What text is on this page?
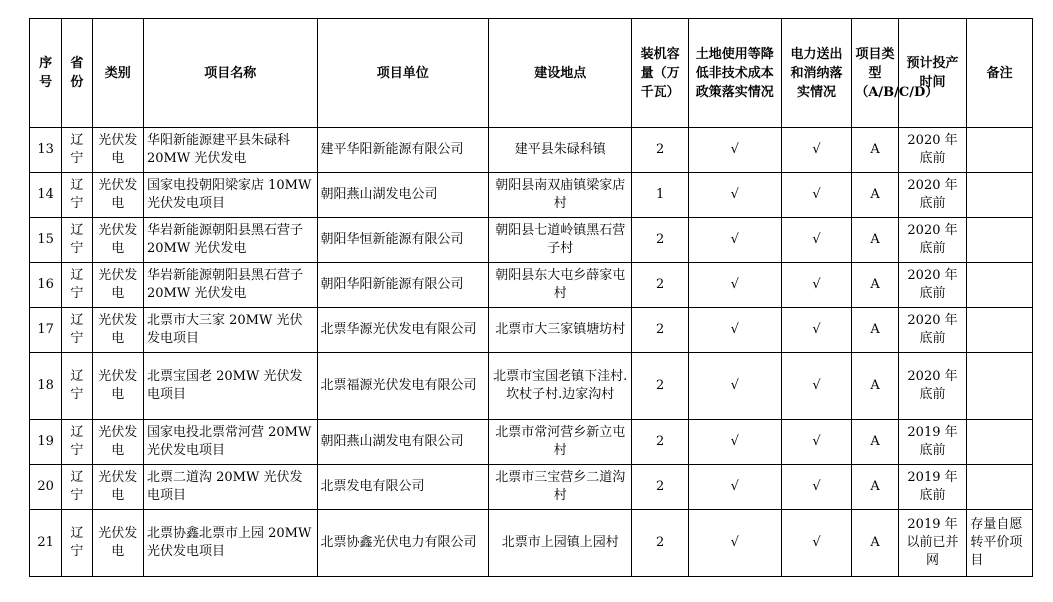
序号	省份	类别	项目名称	项目单位	建设地点	装机容量（万千瓦）	土地使用等降低非技术成本政策落实情况	电力送出和消纳落实情况	项目类型（A/B/C/D）	预计投产时间	备注
13	辽宁	光伏发电	华阳新能源建平县朱碌科 20MW 光伏发电	建平华阳新能源有限公司	建平县朱碌科镇	2	√	√	A	2020 年底前	
14	辽宁	光伏发电	国家电投朝阳梁家店 10MW 光伏发电项目	朝阳燕山湖发电公司	朝阳县南双庙镇梁家店村	1	√	√	A	2020 年底前	
15	辽宁	光伏发电	华岩新能源朝阳县黑石营子 20MW 光伏发电	朝阳华恒新能源有限公司	朝阳县七道岭镇黑石营子村	2	√	√	A	2020 年底前	
16	辽宁	光伏发电	华岩新能源朝阳县黑石营子 20MW 光伏发电	朝阳华阳新能源有限公司	朝阳县东大屯乡薛家屯村	2	√	√	A	2020 年底前	
17	辽宁	光伏发电	北票市大三家 20MW 光伏发电项目	北票华源光伏发电有限公司	北票市大三家镇塘坊村	2	√	√	A	2020 年底前	
18	辽宁	光伏发电	北票宝国老 20MW 光伏发电项目	北票福源光伏发电有限公司	北票市宝国老镇下洼村.坎杖子村.边家沟村	2	√	√	A	2020 年底前	
19	辽宁	光伏发电	国家电投北票常河营 20MW 光伏发电项目	朝阳燕山湖发电有限公司	北票市常河营乡新立屯村	2	√	√	A	2019 年底前	
20	辽宁	光伏发电	北票二道沟 20MW 光伏发电项目	北票发电有限公司	北票市三宝营乡二道沟村	2	√	√	A	2019 年底前	
21	辽宁	光伏发电	北票协鑫北票市上园 20MW 光伏发电项目	北票协鑫光伏电力有限公司	北票市上园镇上园村	2	√	√	A	2019 年以前已并网	存量自愿转平价项目
